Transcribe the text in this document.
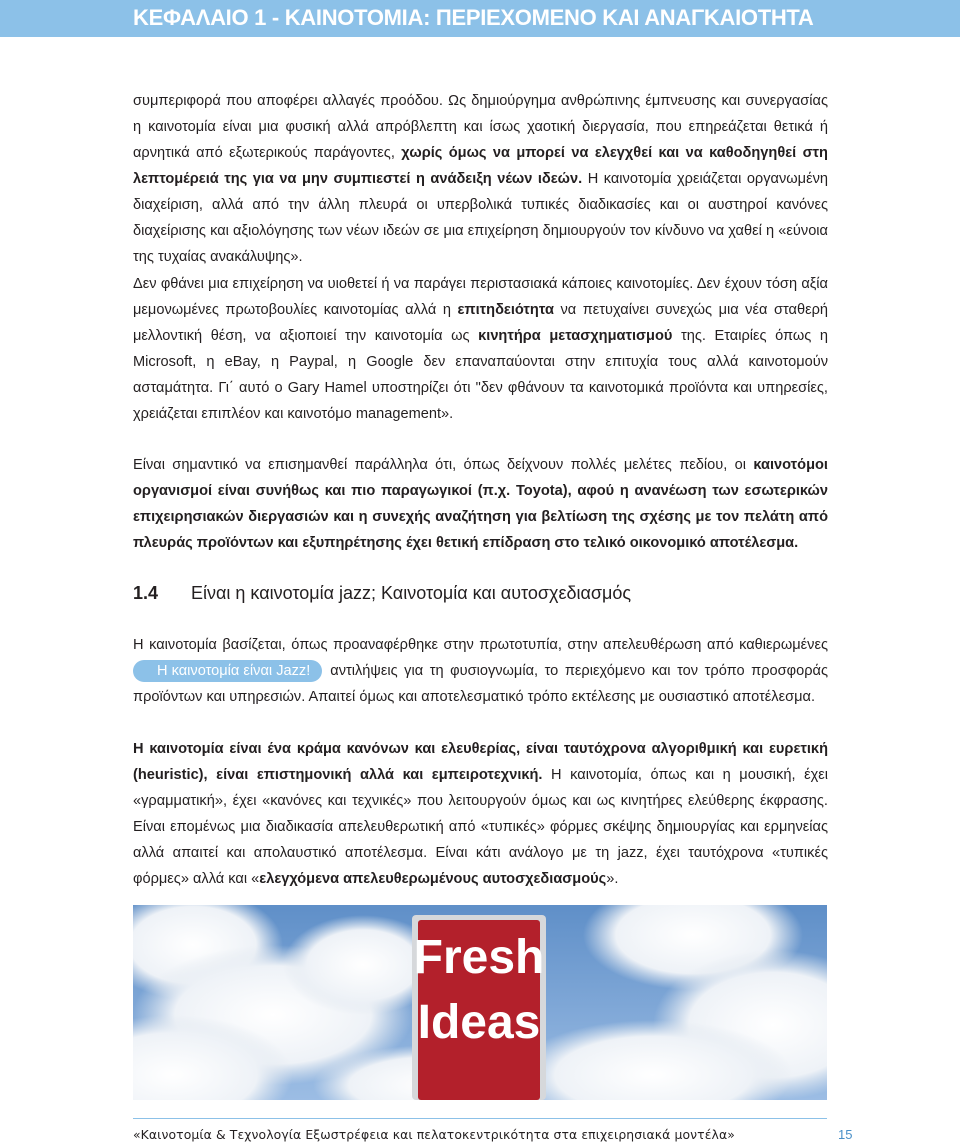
ΚΕΦΑΛΑΙΟ 1 - ΚΑΙΝΟΤΟΜΙΑ: ΠΕΡΙΕΧΟΜΕΝΟ ΚΑΙ ΑΝΑΓΚΑΙΟΤΗΤΑ

συμπεριφορά που αποφέρει αλλαγές προόδου. Ως δημιούργημα ανθρώπινης έμπνευσης και συνεργασίας η καινοτομία είναι μια φυσική αλλά απρόβλεπτη και ίσως χαοτική διεργασία, που επηρεάζεται θετικά ή αρνητικά από εξωτερικούς παράγοντες, χωρίς όμως να μπορεί να ελεγχθεί και να καθοδηγηθεί στη λεπτομέρειά της για να μην συμπιεστεί η ανάδειξη νέων ιδεών. Η καινοτομία χρειάζεται οργανωμένη διαχείριση, αλλά από την άλλη πλευρά οι υπερβολικά τυπικές διαδικασίες και οι αυστηροί κανόνες διαχείρισης και αξιολόγησης των νέων ιδεών σε μια επιχείρηση δημιουργούν τον κίνδυνο να χαθεί η «εύνοια της τυχαίας ανακάλυψης».

Δεν φθάνει μια επιχείρηση να υιοθετεί ή να παράγει περιστασιακά κάποιες καινοτομίες. Δεν έχουν τόση αξία μεμονωμένες πρωτοβουλίες καινοτομίας αλλά η επιτηδειότητα να πετυχαίνει συνεχώς μια νέα σταθερή μελλοντική θέση, να αξιοποιεί την καινοτομία ως κινητήρα μετασχηματισμού της. Εταιρίες όπως η Microsoft, η eBay, η Paypal, η Google δεν επαναπαύονται στην επιτυχία τους αλλά καινοτομούν ασταμάτητα. Γι΄ αυτό ο Gary Hamel υποστηρίζει ότι "δεν φθάνουν τα καινοτομικά προϊόντα και υπηρεσίες, χρειάζεται επιπλέον και καινοτόμο management».

Είναι σημαντικό να επισημανθεί παράλληλα ότι, όπως δείχνουν πολλές μελέτες πεδίου, οι καινοτόμοι οργανισμοί είναι συνήθως και πιο παραγωγικοί (π.χ. Toyota), αφού η ανανέωση των εσωτερικών επιχειρησιακών διεργασιών και η συνεχής αναζήτηση για βελτίωση της σχέσης με τον πελάτη από πλευράς προϊόντων και εξυπηρέτησης έχει θετική επίδραση στο τελικό οικονομικό αποτέλεσμα.

1.4 Είναι η καινοτομία jazz; Καινοτομία και αυτοσχεδιασμός

Η καινοτομία βασίζεται, όπως προαναφέρθηκε στην πρωτοτυπία, στην απελευθέρωση από καθιερωμένες Η καινοτομία είναι Jazz! αντιλήψεις για τη φυσιογνωμία, το περιεχόμενο και τον τρόπο προσφοράς προϊόντων και υπηρεσιών. Απαιτεί όμως και αποτελεσματικό τρόπο εκτέλεσης με ουσιαστικό αποτέλεσμα.

Η καινοτομία είναι ένα κράμα κανόνων και ελευθερίας, είναι ταυτόχρονα αλγοριθμική και ευρετική (heuristic), είναι επιστημονική αλλά και εμπειροτεχνική. Η καινοτομία, όπως και η μουσική, έχει «γραμματική», έχει «κανόνες και τεχνικές» που λειτουργούν όμως και ως κινητήρες ελεύθερης έκφρασης. Είναι επομένως μια διαδικασία απελευθερωτική από «τυπικές» φόρμες σκέψης δημιουργίας και ερμηνείας αλλά απαιτεί και απολαυστικό αποτέλεσμα. Είναι κάτι ανάλογο με τη jazz, έχει ταυτόχρονα «τυπικές φόρμες» αλλά και «ελεγχόμενα απελευθερωμένους αυτοσχεδιασμούς».

Fresh
Ideas
«Καινοτομία & Τεχνολογία Εξωστρέφεια και πελατοκεντρικότητα στα επιχειρησιακά μοντέλα»	15
